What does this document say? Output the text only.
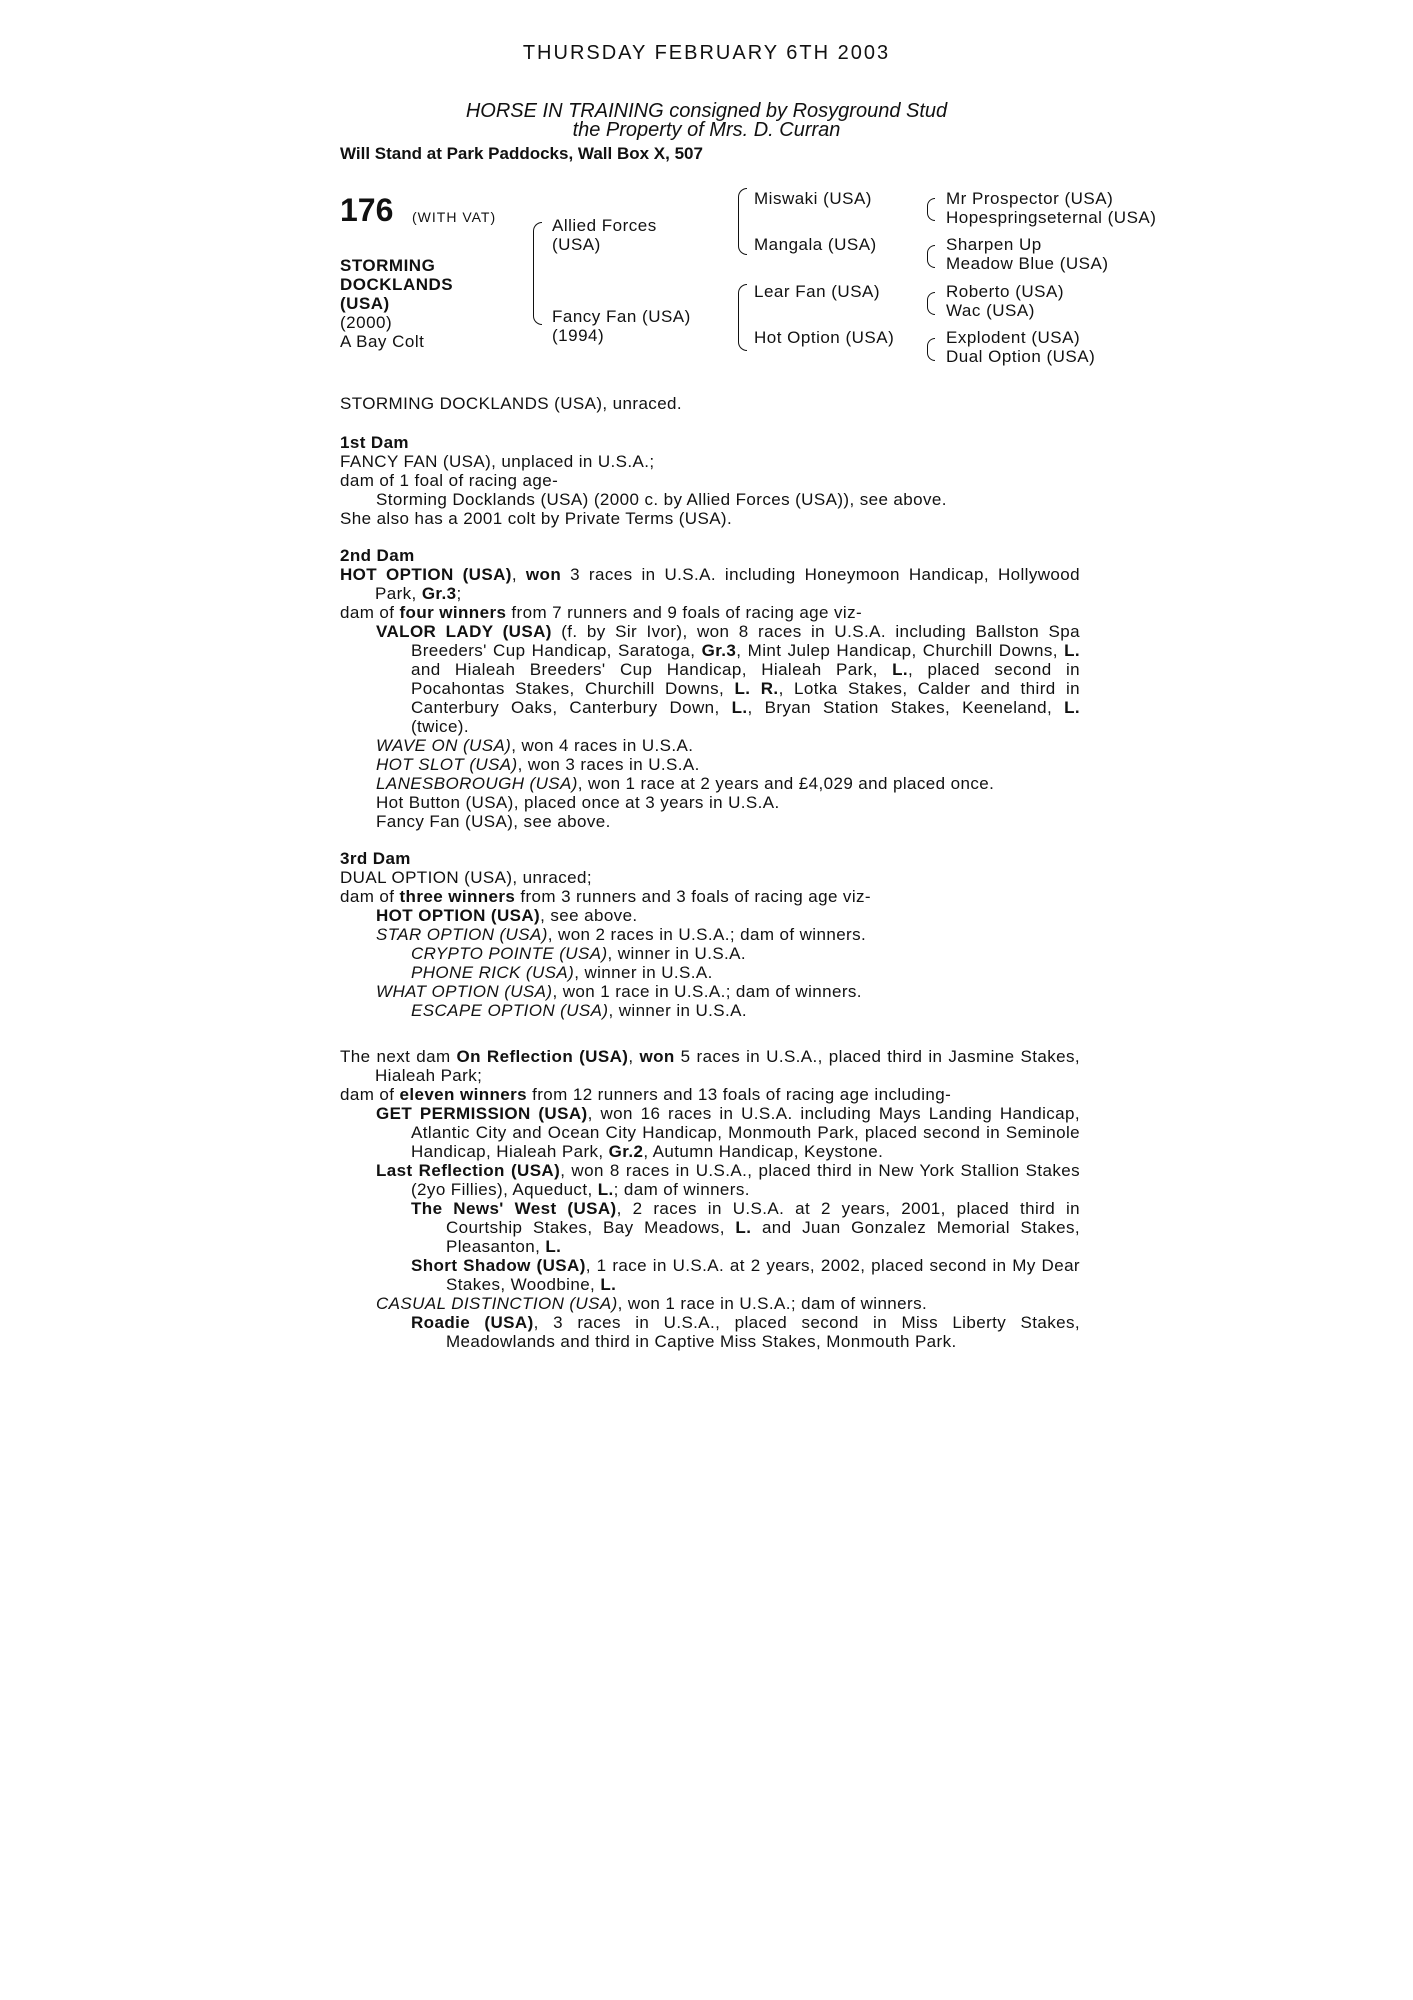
THURSDAY FEBRUARY 6TH 2003
HORSE IN TRAINING consigned by Rosyground Stud
the Property of Mrs. D. Curran
Will Stand at Park Paddocks, Wall Box X, 507
176 (WITH VAT)
STORMING
DOCKLANDS
(USA)
(2000)
A Bay Colt
Allied Forces
(USA)
Fancy Fan (USA)
(1994)
Miswaki (USA)
Mangala (USA)
Lear Fan (USA)
Hot Option (USA)
Mr Prospector (USA)
Hopespringseternal (USA)
Sharpen Up
Meadow Blue (USA)
Roberto (USA)
Wac (USA)
Explodent (USA)
Dual Option (USA)

STORMING DOCKLANDS (USA), unraced.

1st Dam

FANCY FAN (USA), unplaced in U.S.A.;

dam of 1 foal of racing age-

Storming Docklands (USA) (2000 c. by Allied Forces (USA)), see above.

She also has a 2001 colt by Private Terms (USA).

2nd Dam

HOT OPTION (USA), won 3 races in U.S.A. including Honeymoon Handicap, Hollywood Park, Gr.3;

dam of four winners from 7 runners and 9 foals of racing age viz-

VALOR LADY (USA) (f. by Sir Ivor), won 8 races in U.S.A. including Ballston Spa Breeders' Cup Handicap, Saratoga, Gr.3, Mint Julep Handicap, Churchill Downs, L. and Hialeah Breeders' Cup Handicap, Hialeah Park, L., placed second in Pocahontas Stakes, Churchill Downs, L. R., Lotka Stakes, Calder and third in Canterbury Oaks, Canterbury Down, L., Bryan Station Stakes, Keeneland, L. (twice).

WAVE ON (USA), won 4 races in U.S.A.

HOT SLOT (USA), won 3 races in U.S.A.

LANESBOROUGH (USA), won 1 race at 2 years and £4,029 and placed once.

Hot Button (USA), placed once at 3 years in U.S.A.

Fancy Fan (USA), see above.

3rd Dam

DUAL OPTION (USA), unraced;

dam of three winners from 3 runners and 3 foals of racing age viz-

HOT OPTION (USA), see above.

STAR OPTION (USA), won 2 races in U.S.A.; dam of winners.

CRYPTO POINTE (USA), winner in U.S.A.

PHONE RICK (USA), winner in U.S.A.

WHAT OPTION (USA), won 1 race in U.S.A.; dam of winners.

ESCAPE OPTION (USA), winner in U.S.A.

The next dam On Reflection (USA), won 5 races in U.S.A., placed third in Jasmine Stakes, Hialeah Park;

dam of eleven winners from 12 runners and 13 foals of racing age including-

GET PERMISSION (USA), won 16 races in U.S.A. including Mays Landing Handicap, Atlantic City and Ocean City Handicap, Monmouth Park, placed second in Seminole Handicap, Hialeah Park, Gr.2, Autumn Handicap, Keystone.

Last Reflection (USA), won 8 races in U.S.A., placed third in New York Stallion Stakes (2yo Fillies), Aqueduct, L.; dam of winners.

The News' West (USA), 2 races in U.S.A. at 2 years, 2001, placed third in Courtship Stakes, Bay Meadows, L. and Juan Gonzalez Memorial Stakes, Pleasanton, L.

Short Shadow (USA), 1 race in U.S.A. at 2 years, 2002, placed second in My Dear Stakes, Woodbine, L.

CASUAL DISTINCTION (USA), won 1 race in U.S.A.; dam of winners.

Roadie (USA), 3 races in U.S.A., placed second in Miss Liberty Stakes, Meadowlands and third in Captive Miss Stakes, Monmouth Park.
